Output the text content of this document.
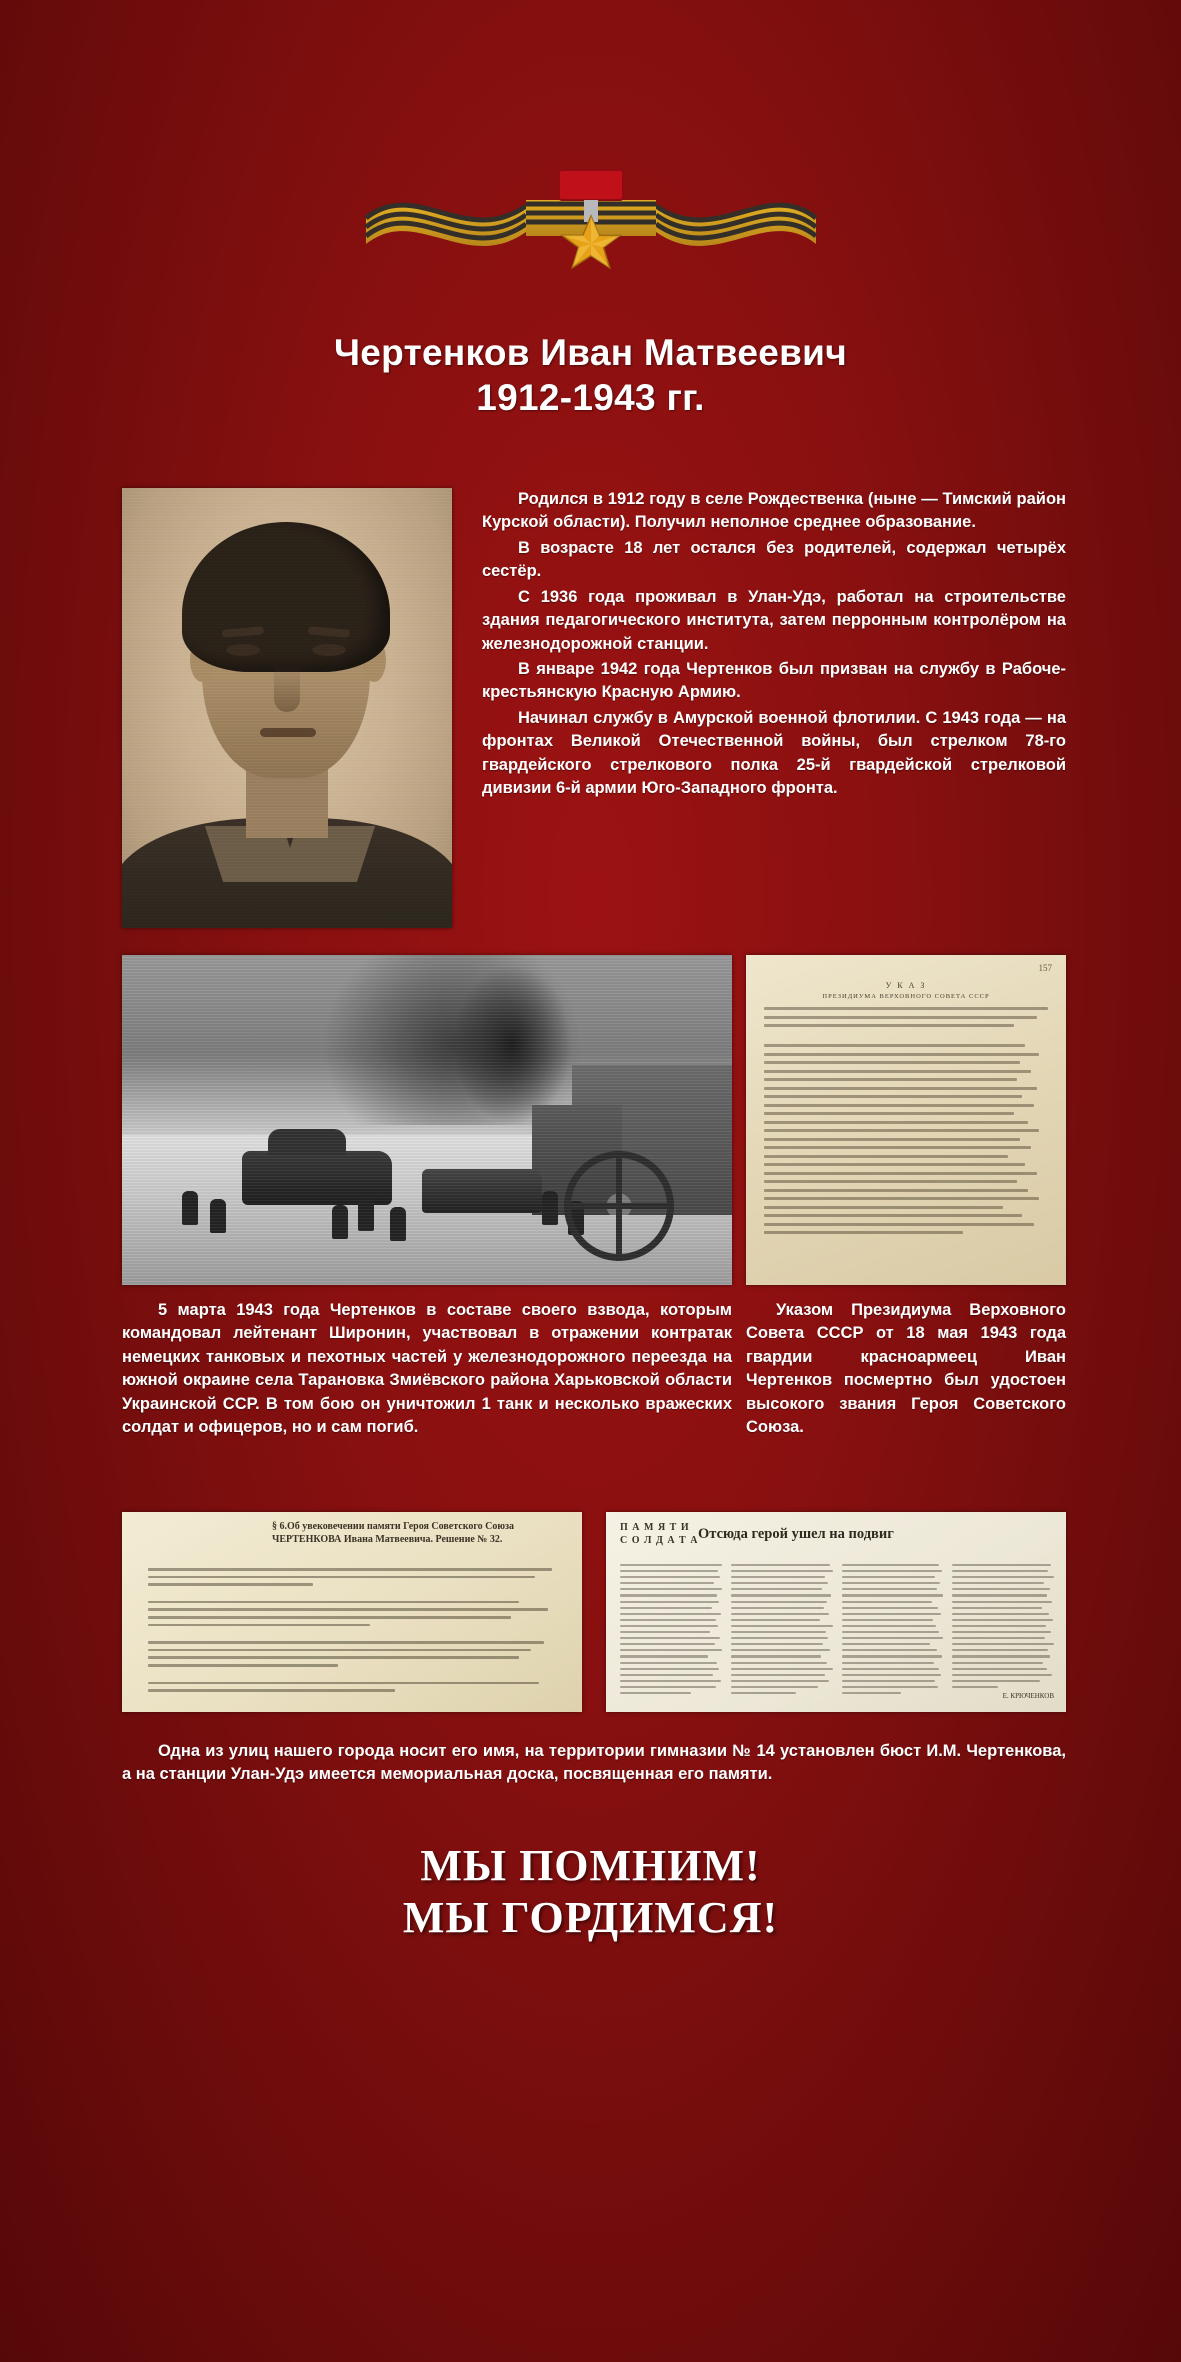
Чертенков Иван Матвеевич
1912-1943 гг.

Родился в 1912 году в селе Рождественка (ныне — Тимский район Курской области). Получил неполное среднее образование.

В возрасте 18 лет остался без родителей, содержал четырёх сестёр.

С 1936 года проживал в Улан-Удэ, работал на строительстве здания педагогического института, затем перронным контролёром на железнодорожной станции.

В январе 1942 года Чертенков был призван на службу в Рабоче-крестьянскую Красную Армию.

Начинал службу в Амурской военной флотилии. С 1943 года — на фронтах Великой Отечественной войны, был стрелком 78-го гвардейского стрелкового полка 25-й гвардейской стрелковой дивизии 6-й армии Юго-Западного фронта.

5 марта 1943 года Чертенков в составе своего взвода, которым командовал лейтенант Широнин, участвовал в отражении контратак немецких танковых и пехотных частей у железнодорожного переезда на южной окраине села Тарановка Змиёвского района Харьковской области Украинской ССР. В том бою он уничтожил 1 танк и несколько вражеских солдат и офицеров, но и сам погиб.

157
У К А З
ПРЕЗИДИУМА ВЕРХОВНОГО СОВЕТА СССР

Указом Президиума Верховного Совета СССР от 18 мая 1943 года гвардии красноармеец Иван Чертенков посмертно был удостоен высокого звания Героя Советского Союза.

§ 6.Об увековечении памяти Героя Советского Союза ЧЕРТЕНКОВА Ивана Матвеевича. Решение № 32.
П А М Я Т И
С О Л Д А Т А Отсюда герой ушел на подвиг
Е. КРЮЧЕНКОВ

Одна из улиц нашего города носит его имя, на территории гимназии № 14 установлен бюст И.М. Чертенкова, а на станции Улан-Удэ имеется мемориальная доска, посвященная его памяти.

МЫ ПОМНИМ!
МЫ ГОРДИМСЯ!
